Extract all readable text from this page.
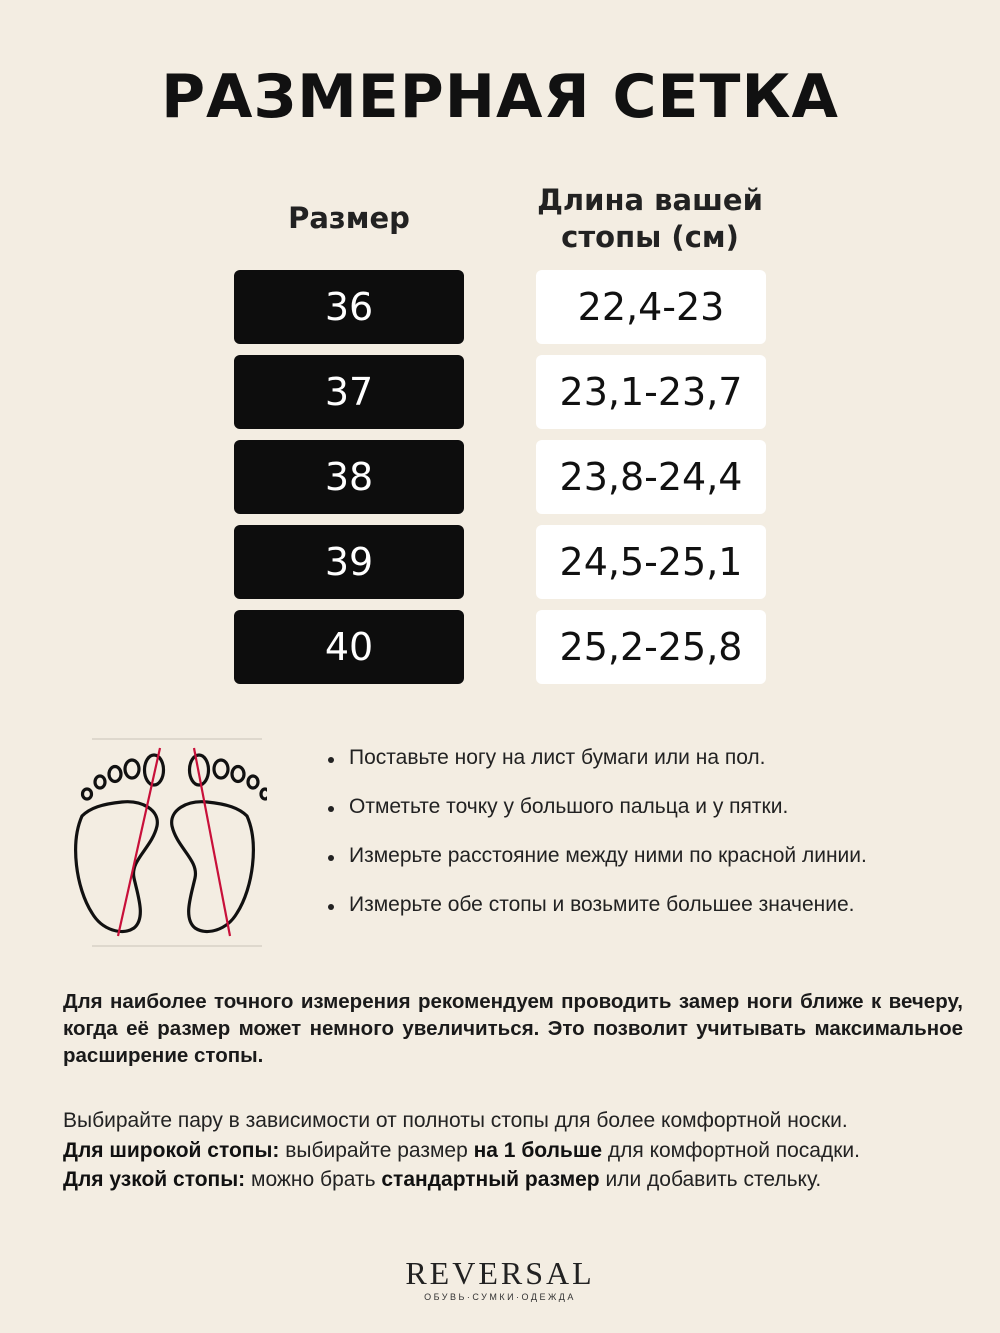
РАЗМЕРНАЯ СЕТКА
Размер
Длина вашей стопы (см)
36	22,4-23
37	23,1-23,7
38	23,8-24,4
39	24,5-25,1
40	25,2-25,8
Поставьте ногу на лист бумаги или на пол.
Отметьте точку у большого пальца и у пятки.
Измерьте расстояние между ними по красной линии.
Измерьте обе стопы и возьмите большее значение.
Для наиболее точного измерения рекомендуем проводить замер ноги ближе к вечеру, когда её размер может немного увеличиться. Это позволит учитывать максимальное расширение стопы.
Выбирайте пару в зависимости от полноты стопы для более комфортной носки.
Для широкой стопы: выбирайте размер на 1 больше для комфортной посадки.
Для узкой стопы: можно брать стандартный размер или добавить стельку.
REVERSAL
ОБУВЬ·СУМКИ·ОДЕЖДА
